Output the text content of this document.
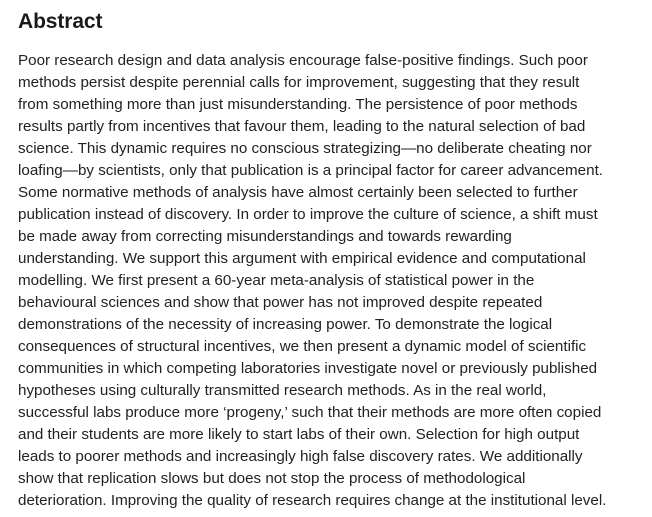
Abstract

Poor research design and data analysis encourage false-positive findings. Such poor
methods persist despite perennial calls for improvement, suggesting that they result
from something more than just misunderstanding. The persistence of poor methods
results partly from incentives that favour them, leading to the natural selection of bad
science. This dynamic requires no conscious strategizing—no deliberate cheating nor
loafing—by scientists, only that publication is a principal factor for career advancement.
Some normative methods of analysis have almost certainly been selected to further
publication instead of discovery. In order to improve the culture of science, a shift must
be made away from correcting misunderstandings and towards rewarding
understanding. We support this argument with empirical evidence and computational
modelling. We first present a 60-year meta-analysis of statistical power in the
behavioural sciences and show that power has not improved despite repeated
demonstrations of the necessity of increasing power. To demonstrate the logical
consequences of structural incentives, we then present a dynamic model of scientific
communities in which competing laboratories investigate novel or previously published
hypotheses using culturally transmitted research methods. As in the real world,
successful labs produce more ‘progeny,’ such that their methods are more often copied
and their students are more likely to start labs of their own. Selection for high output
leads to poorer methods and increasingly high false discovery rates. We additionally
show that replication slows but does not stop the process of methodological
deterioration. Improving the quality of research requires change at the institutional level.
